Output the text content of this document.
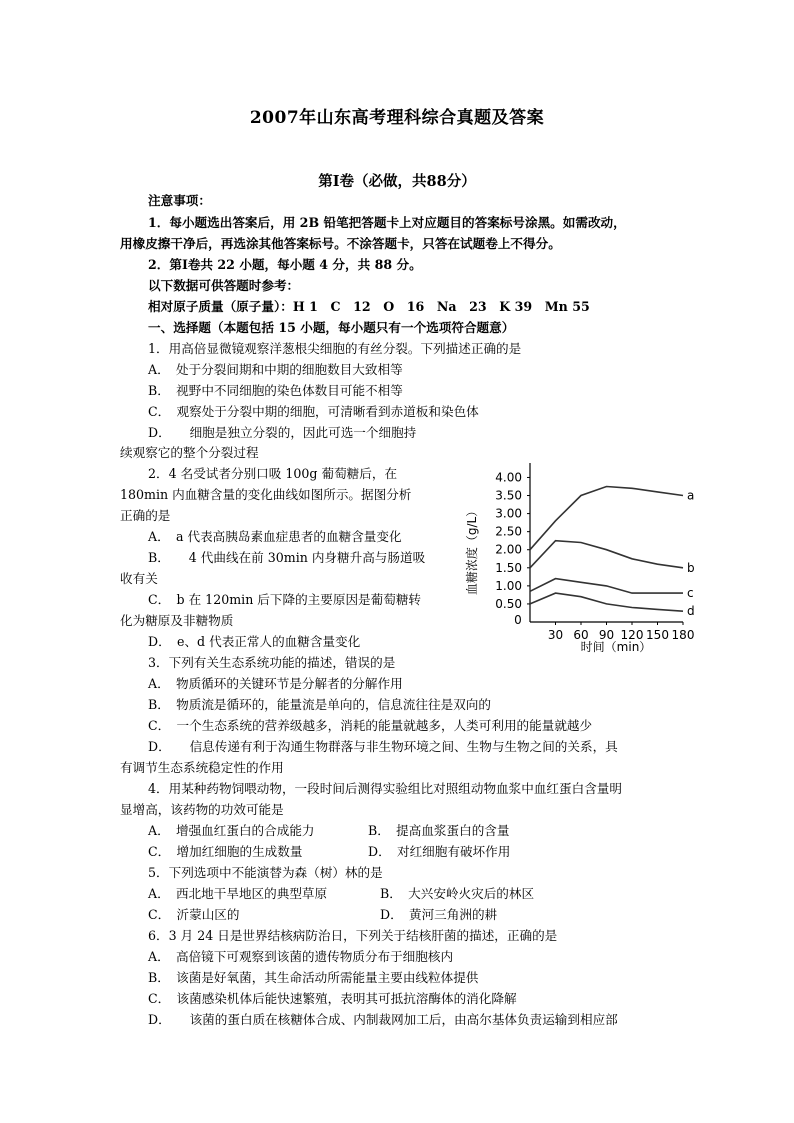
2007年山东高考理科综合真题及答案
第Ⅰ卷（必做，共88分）
注意事项：
1．每小题选出答案后，用 2B 铅笔把答题卡上对应题目的答案标号涂黑。如需改动，
用橡皮擦干净后，再选涂其他答案标号。不涂答题卡，只答在试题卷上不得分。
2．第Ⅰ卷共 22 小题，每小题 4 分，共 88 分。
以下数据可供答题时参考：
相对原子质量（原子量）：H 1　C　12　O　16　Na　23　K 39　Mn 55
一、选择题（本题包括 15 小题，每小题只有一个选项符合题意）
1．用高倍显微镜观察洋葱根尖细胞的有丝分裂。下列描述正确的是
A．　处于分裂间期和中期的细胞数目大致相等
B．　视野中不同细胞的染色体数目可能不相等
C．　观察处于分裂中期的细胞，可清晰看到赤道板和染色体
D．　　细胞是独立分裂的，因此可选一个细胞持
续观察它的整个分裂过程
2．4 名受试者分别口吸 100g 葡萄糖后，在
180min 内血糖含量的变化曲线如图所示。据图分析
正确的是
A．　a 代表高胰岛素血症患者的血糖含量变化
B．　　4 代曲线在前 30min 内身糖升高与肠道吸
收有关
C．　b 在 120min 后下降的主要原因是葡萄糖转
化为糖原及非糖物质
D．　e、d 代表正常人的血糖含量变化
0.50
1.00
1.50
2.00
2.50
3.00
3.50
4.00
0
30 60 90 120 150 180
a
b
c
d
血糖浓度（g/L）
时间（min）
3．下列有关生态系统功能的描述，错误的是
A．　物质循环的关键环节是分解者的分解作用
B．　物质流是循环的，能量流是单向的，信息流往往是双向的
C．　一个生态系统的营养级越多，消耗的能量就越多，人类可利用的能量就越少
D．　　信息传递有利于沟通生物群落与非生物环境之间、生物与生物之间的关系，具
有调节生态系统稳定性的作用
4．用某种药物饲喂动物，一段时间后测得实验组比对照组动物血浆中血红蛋白含量明
显增高，该药物的功效可能是
A．　增强血红蛋白的合成能力	B．　提高血浆蛋白的含量
C．　增加红细胞的生成数量	D．　对红细胞有破坏作用
5．下列选项中不能演替为森（树）林的是
A．　西北地干旱地区的典型草原	B．　大兴安岭火灾后的林区
C．　沂蒙山区的	D．　黄河三角洲的耕
6．3 月 24 日是世界结核病防治日，下列关于结核肝菌的描述，正确的是
A．　高倍镜下可观察到该菌的遗传物质分布于细胞核内
B．　该菌是好氧菌，其生命活动所需能量主要由线粒体提供
C．　该菌感染机体后能快速繁殖，表明其可抵抗溶酶体的消化降解
D．　　该菌的蛋白质在核糖体合成、内制裁网加工后，由高尔基体负责运输到相应部
